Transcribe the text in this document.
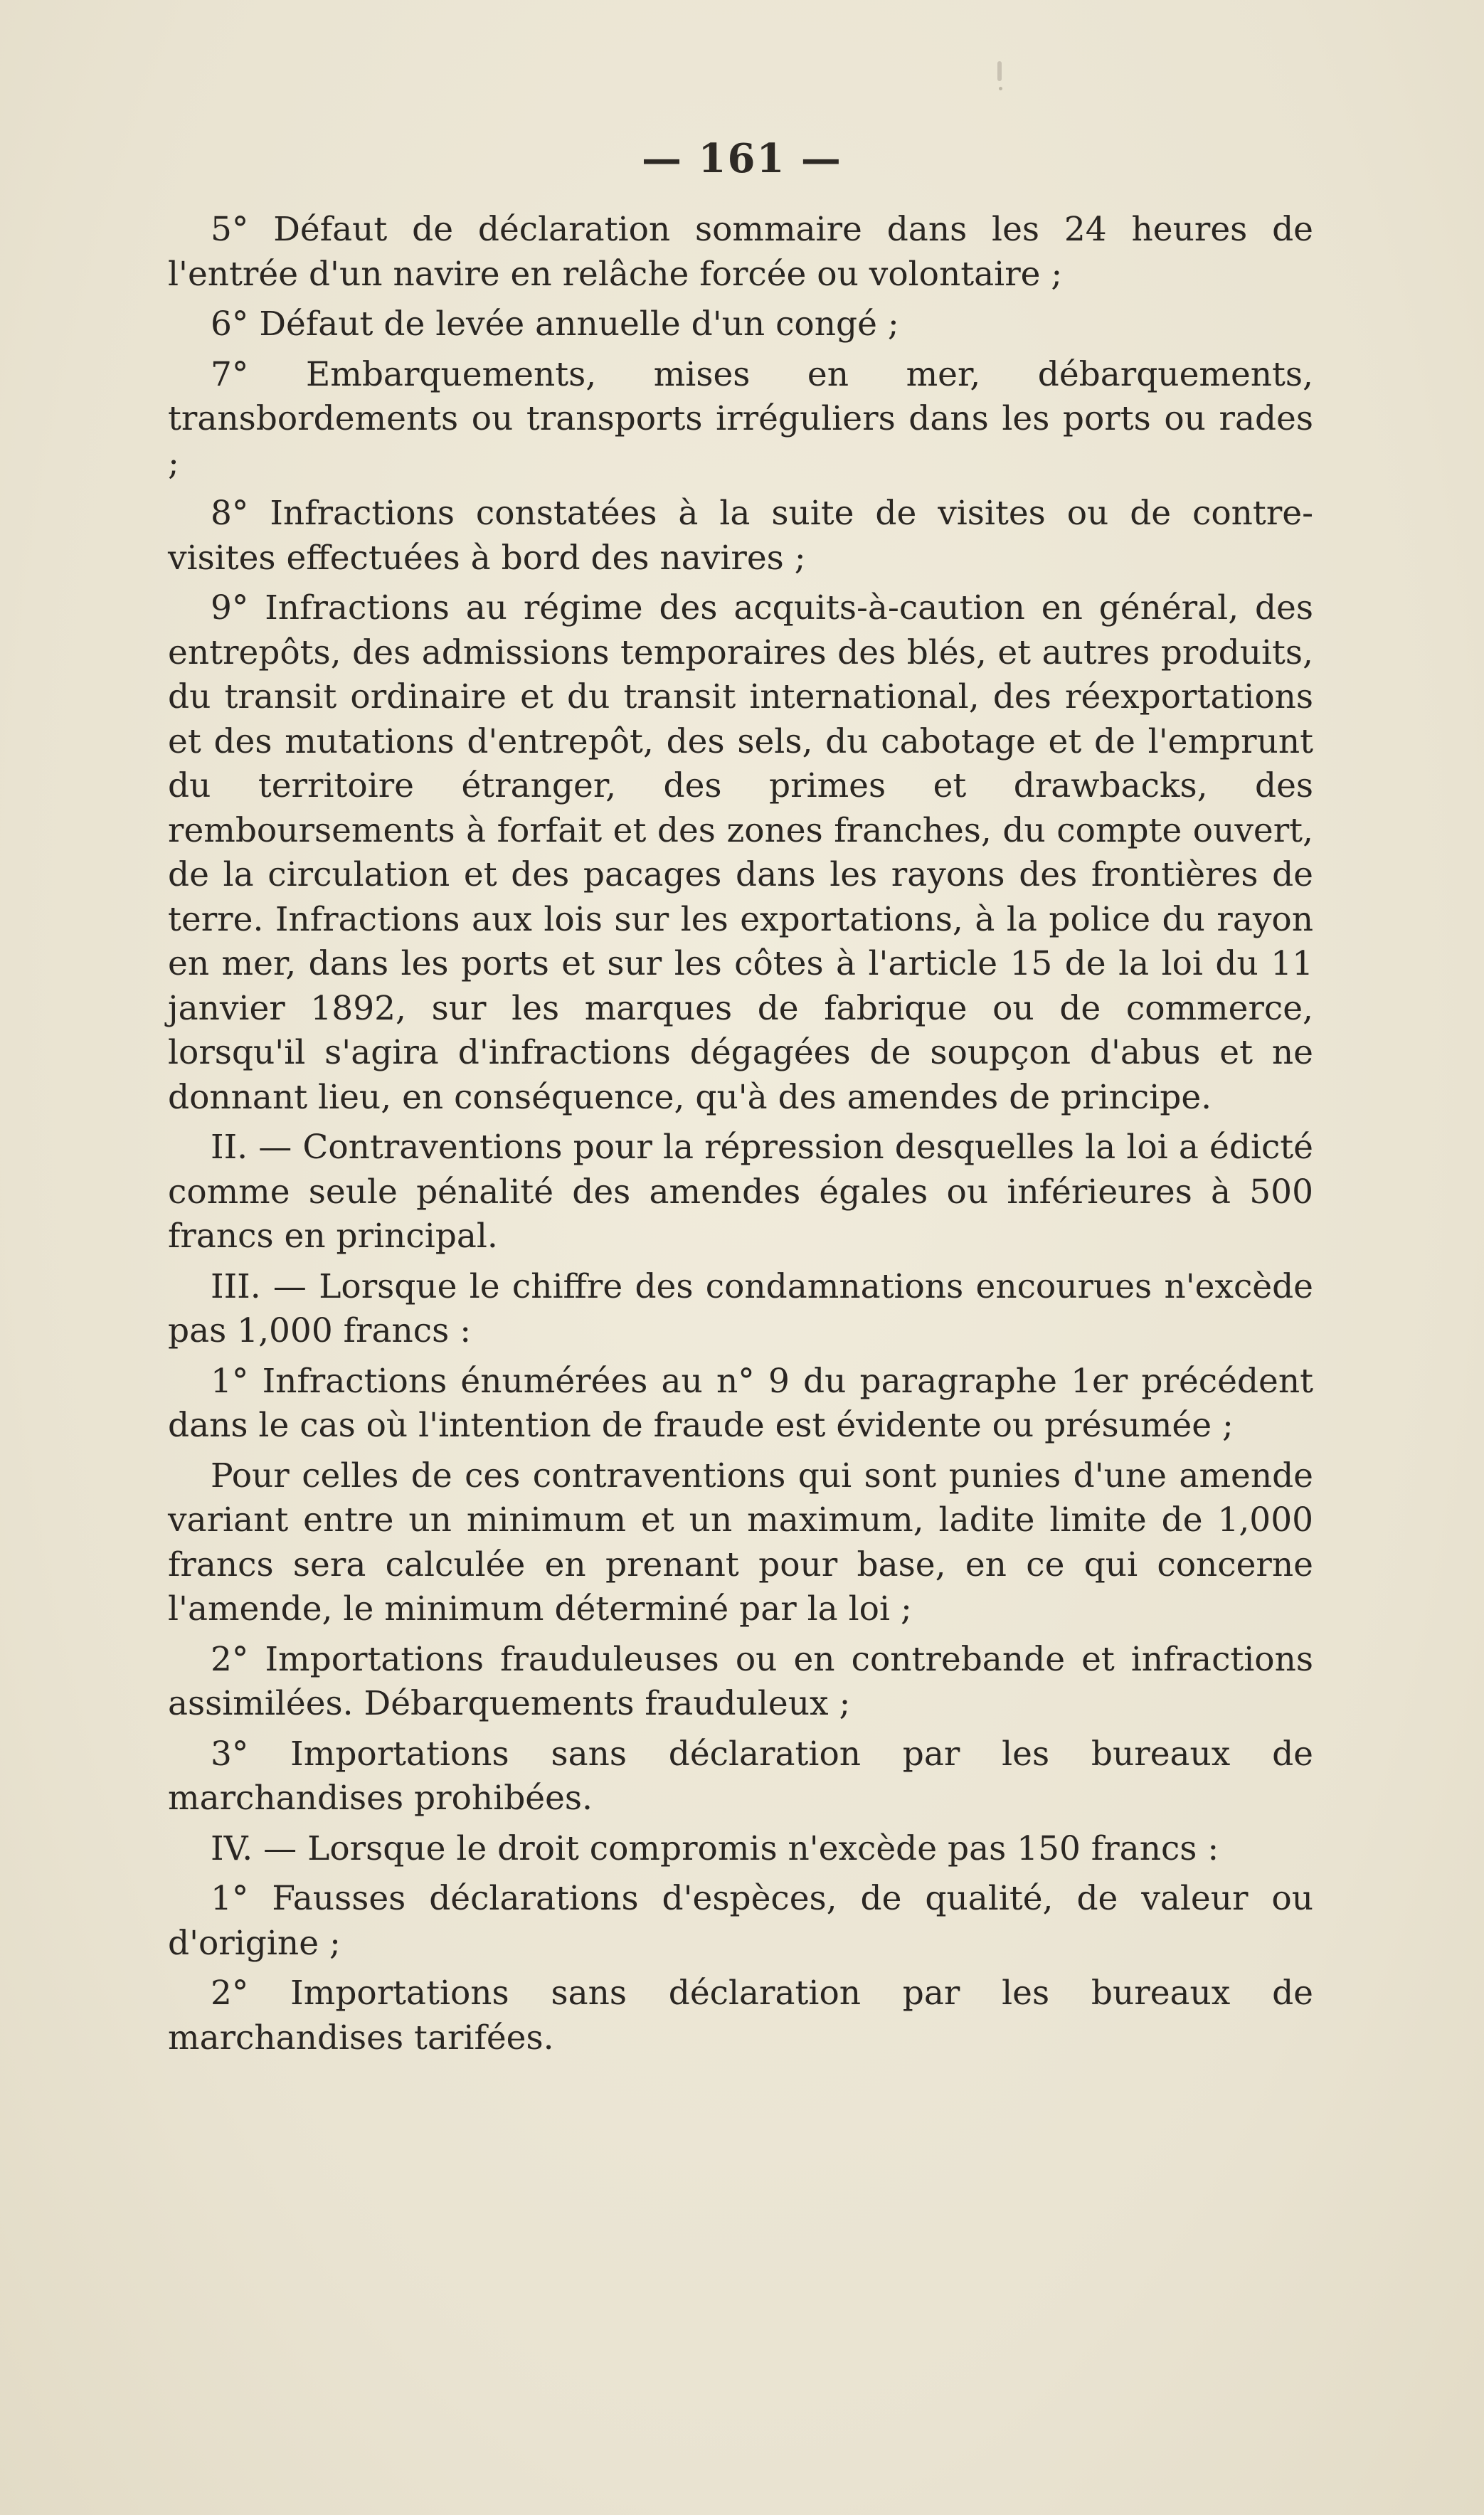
— 161 —

5° Défaut de déclaration sommaire dans les 24 heures de l'entrée d'un navire en relâche forcée ou volontaire ;

6° Défaut de levée annuelle d'un congé ;

7° Embarquements, mises en mer, débarquements, transbordements ou transports irréguliers dans les ports ou rades ;

8° Infractions constatées à la suite de visites ou de contre-visites effectuées à bord des navires ;

9° Infractions au régime des acquits-à-caution en général, des entrepôts, des admissions temporaires des blés, et autres produits, du transit ordinaire et du transit international, des réexportations et des mutations d'entrepôt, des sels, du cabotage et de l'emprunt du territoire étranger, des primes et drawbacks, des remboursements à forfait et des zones franches, du compte ouvert, de la circulation et des pacages dans les rayons des frontières de terre. Infractions aux lois sur les exportations, à la police du rayon en mer, dans les ports et sur les côtes à l'article 15 de la loi du 11 janvier 1892, sur les marques de fabrique ou de commerce, lorsqu'il s'agira d'infractions dégagées de soupçon d'abus et ne donnant lieu, en conséquence, qu'à des amendes de principe.

II. — Contraventions pour la répression desquelles la loi a édicté comme seule pénalité des amendes égales ou inférieures à 500 francs en principal.

III. — Lorsque le chiffre des condamnations encourues n'excède pas 1,000 francs :

1° Infractions énumérées au n° 9 du paragraphe 1er précédent dans le cas où l'intention de fraude est évidente ou présumée ;

Pour celles de ces contraventions qui sont punies d'une amende variant entre un minimum et un maximum, ladite limite de 1,000 francs sera calculée en prenant pour base, en ce qui concerne l'amende, le minimum déterminé par la loi ;

2° Importations frauduleuses ou en contrebande et infractions assimilées. Débarquements frauduleux ;

3° Importations sans déclaration par les bureaux de marchandises prohibées.

IV. — Lorsque le droit compromis n'excède pas 150 francs :

1° Fausses déclarations d'espèces, de qualité, de valeur ou d'origine ;

2° Importations sans déclaration par les bureaux de marchandises tarifées.
